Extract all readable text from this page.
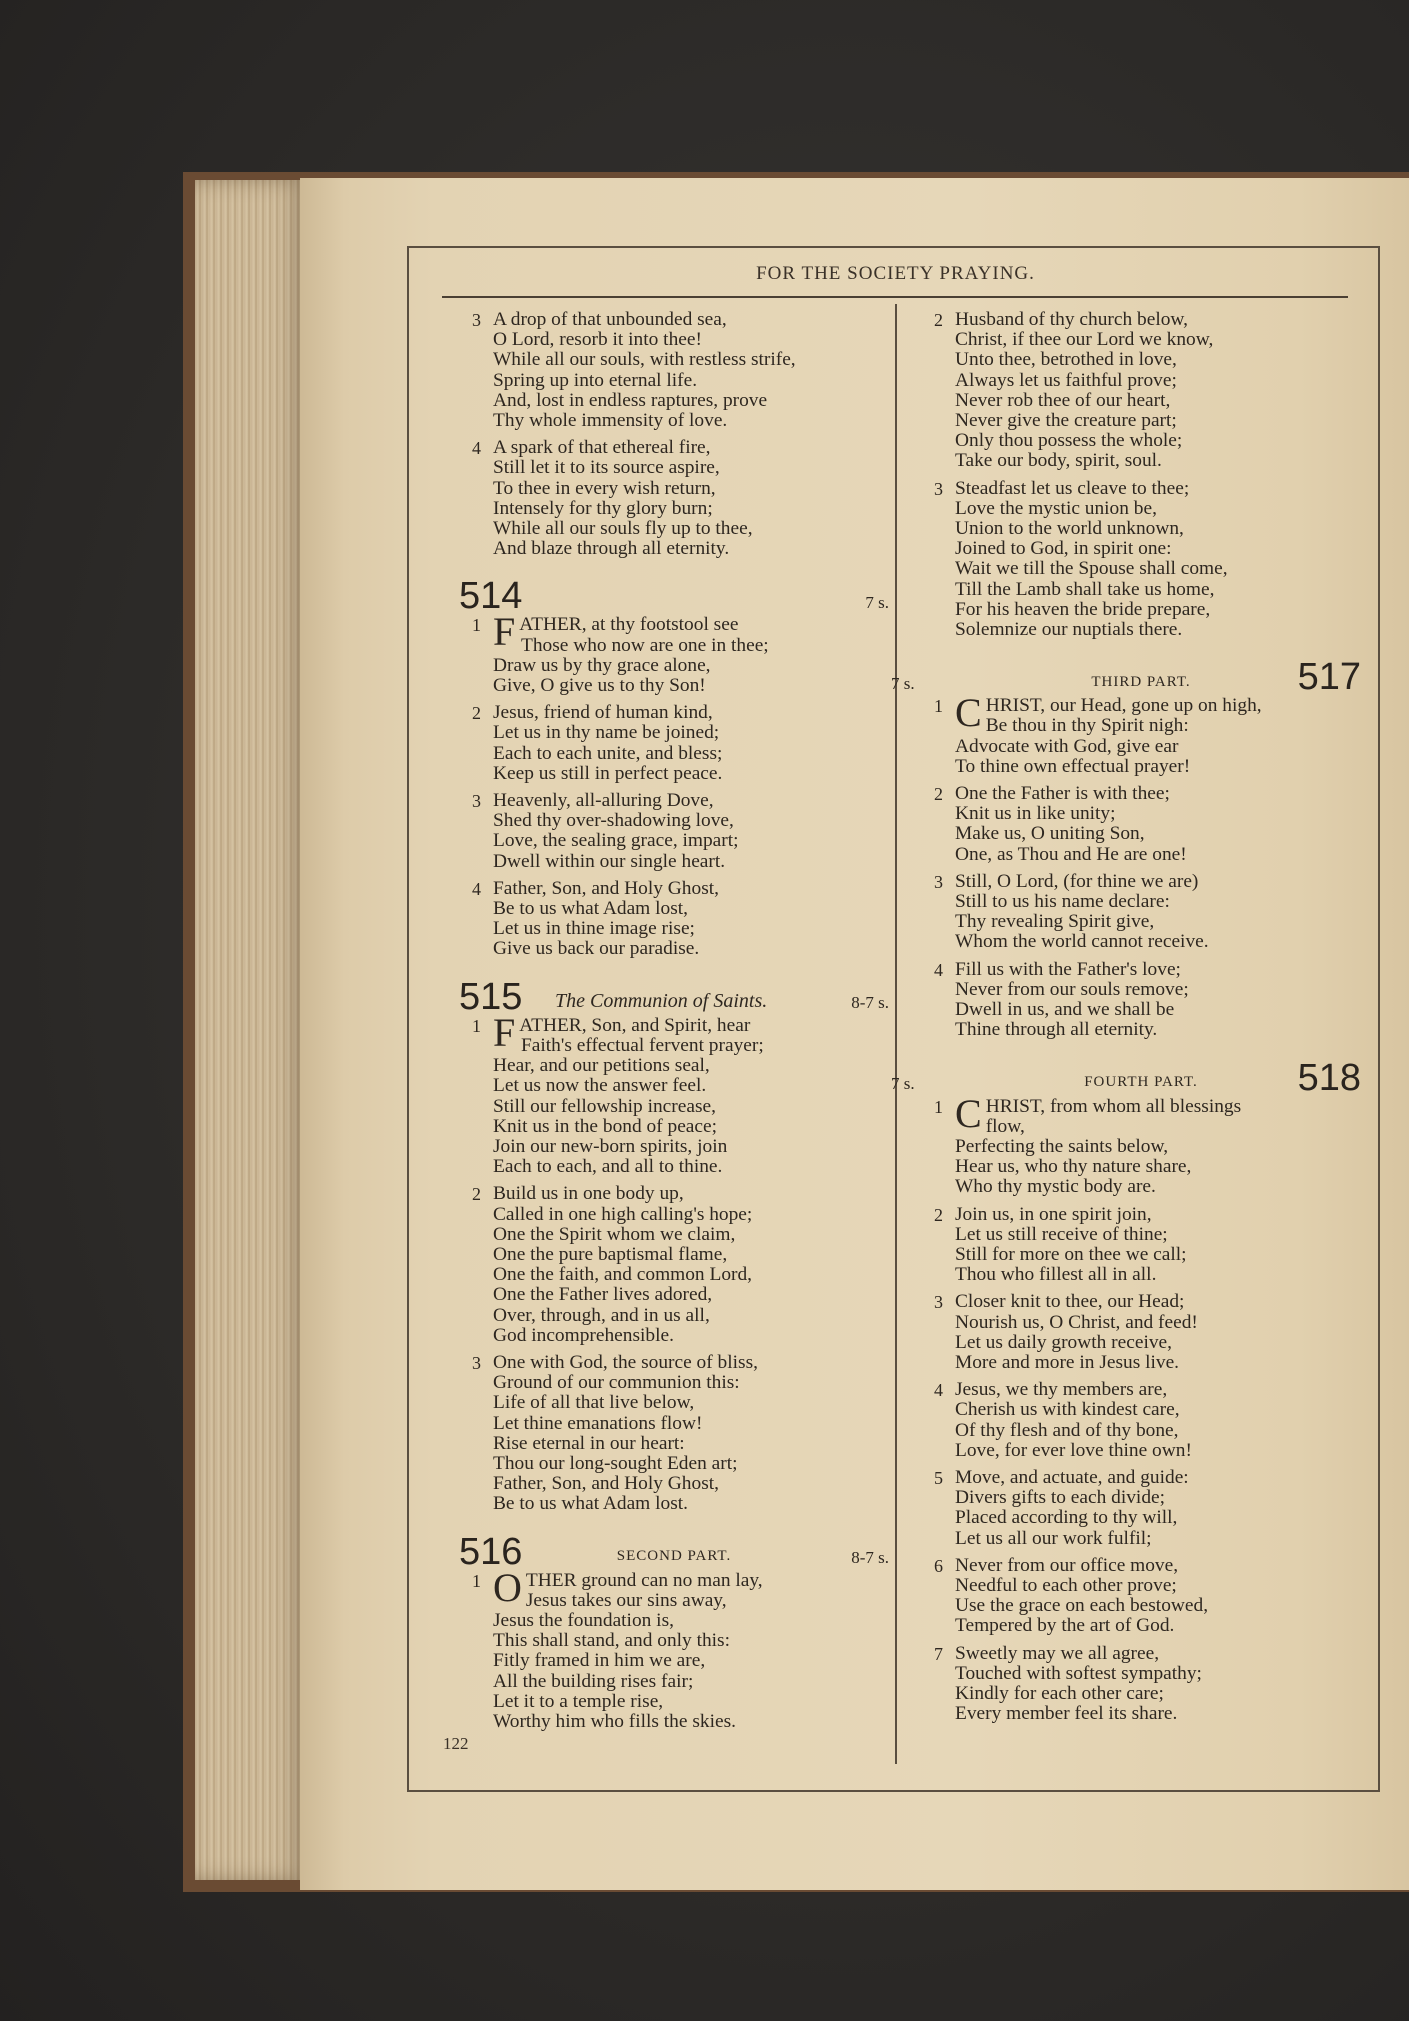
FOR THE SOCIETY PRAYING.
3 A drop of that unbounded sea,
O Lord, resorb it into thee!
While all our souls, with restless strife,
Spring up into eternal life.
And, lost in endless raptures, prove
Thy whole immensity of love.
4 A spark of that ethereal fire,
Still let it to its source aspire,
To thee in every wish return,
Intensely for thy glory burn;
While all our souls fly up to thee,
And blaze through all eternity.
514	7 s.
1 FATHER, at thy footstool see
Those who now are one in thee;
Draw us by thy grace alone,
Give, O give us to thy Son!
2 Jesus, friend of human kind,
Let us in thy name be joined;
Each to each unite, and bless;
Keep us still in perfect peace.
3 Heavenly, all-alluring Dove,
Shed thy over-shadowing love,
Love, the sealing grace, impart;
Dwell within our single heart.
4 Father, Son, and Holy Ghost,
Be to us what Adam lost,
Let us in thine image rise;
Give us back our paradise.
515 The Communion of Saints.	8-7 s.
1 FATHER, Son, and Spirit, hear
Faith's effectual fervent prayer;
Hear, and our petitions seal,
Let us now the answer feel.
Still our fellowship increase,
Knit us in the bond of peace;
Join our new-born spirits, join
Each to each, and all to thine.
2 Build us in one body up,
Called in one high calling's hope;
One the Spirit whom we claim,
One the pure baptismal flame,
One the faith, and common Lord,
One the Father lives adored,
Over, through, and in us all,
God incomprehensible.
3 One with God, the source of bliss,
Ground of our communion this:
Life of all that live below,
Let thine emanations flow!
Rise eternal in our heart:
Thou our long-sought Eden art;
Father, Son, and Holy Ghost,
Be to us what Adam lost.
516	SECOND PART.	8-7 s.
1 OTHER ground can no man lay,
Jesus takes our sins away,
Jesus the foundation is,
This shall stand, and only this:
Fitly framed in him we are,
All the building rises fair;
Let it to a temple rise,
Worthy him who fills the skies.
2 Husband of thy church below,
Christ, if thee our Lord we know,
Unto thee, betrothed in love,
Always let us faithful prove;
Never rob thee of our heart,
Never give the creature part;
Only thou possess the whole;
Take our body, spirit, soul.
3 Steadfast let us cleave to thee;
Love the mystic union be,
Union to the world unknown,
Joined to God, in spirit one:
Wait we till the Spouse shall come,
Till the Lamb shall take us home,
For his heaven the bride prepare,
Solemnize our nuptials there.
7 s.	THIRD PART.	517
1 CHRIST, our Head, gone up on high,
Be thou in thy Spirit nigh:
Advocate with God, give ear
To thine own effectual prayer!
2 One the Father is with thee;
Knit us in like unity;
Make us, O uniting Son,
One, as Thou and He are one!
3 Still, O Lord, (for thine we are)
Still to us his name declare:
Thy revealing Spirit give,
Whom the world cannot receive.
4 Fill us with the Father's love;
Never from our souls remove;
Dwell in us, and we shall be
Thine through all eternity.
7 s.	FOURTH PART.	518
1 CHRIST, from whom all blessings
flow,
Perfecting the saints below,
Hear us, who thy nature share,
Who thy mystic body are.
2 Join us, in one spirit join,
Let us still receive of thine;
Still for more on thee we call;
Thou who fillest all in all.
3 Closer knit to thee, our Head;
Nourish us, O Christ, and feed!
Let us daily growth receive,
More and more in Jesus live.
4 Jesus, we thy members are,
Cherish us with kindest care,
Of thy flesh and of thy bone,
Love, for ever love thine own!
5 Move, and actuate, and guide:
Divers gifts to each divide;
Placed according to thy will,
Let us all our work fulfil;
6 Never from our office move,
Needful to each other prove;
Use the grace on each bestowed,
Tempered by the art of God.
7 Sweetly may we all agree,
Touched with softest sympathy;
Kindly for each other care;
Every member feel its share.
122
